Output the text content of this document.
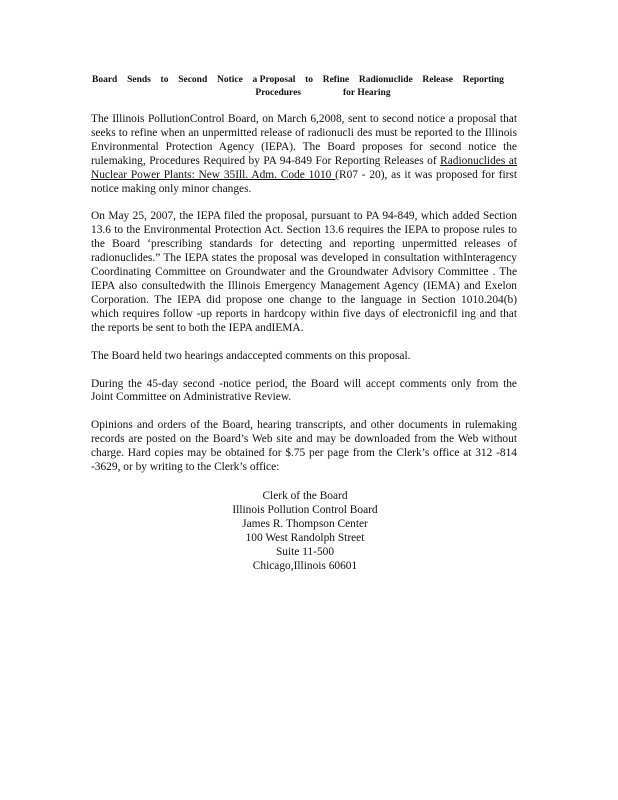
Board Sends to Second Notice a Proposal to Refine Radionuclide Release Reporting
Procedures	for Hearing

The Illinois PollutionControl Board, on March 6,2008, sent to second notice a proposal that seeks to refine when an unpermitted release of radionucli des must be reported to the Illinois Environmental Protection Agency (IEPA). The Board proposes for second notice the rulemaking, Procedures Required by PA 94-849 For Reporting Releases of Radionuclides at Nuclear Power Plants: New 35Ill. Adm. Code 1010 (R07 - 20), as it was proposed for first notice making only minor changes.

On May 25, 2007, the IEPA filed the proposal, pursuant to PA 94-849, which added Section 13.6 to the Environmental Protection Act. Section 13.6 requires the IEPA to propose rules to the Board ‘prescribing standards for detecting and reporting unpermitted releases of radionuclides.” The IEPA states the proposal was developed in consultation withInteragency Coordinating Committee on Groundwater and the Groundwater Advisory Committee . The IEPA also consultedwith the Illinois Emergency Management Agency (IEMA) and Exelon Corporation. The IEPA did propose one change to the language in Section 1010.204(b) which requires follow -up reports in hardcopy within five days of electronicfil ing and that the reports be sent to both the IEPA andIEMA.

The Board held two hearings andaccepted comments on this proposal.

During the 45-day second -notice period, the Board will accept comments only from the Joint Committee on Administrative Review.

Opinions and orders of the Board, hearing transcripts, and other documents in rulemaking records are posted on the Board’s Web site and may be downloaded from the Web without charge. Hard copies may be obtained for $.75 per page from the Clerk’s office at 312 -814 -3629, or by writing to the Clerk’s office:

Clerk of the Board
Illinois Pollution Control Board
James R. Thompson Center
100 West Randolph Street
Suite 11-500
Chicago,Illinois 60601
